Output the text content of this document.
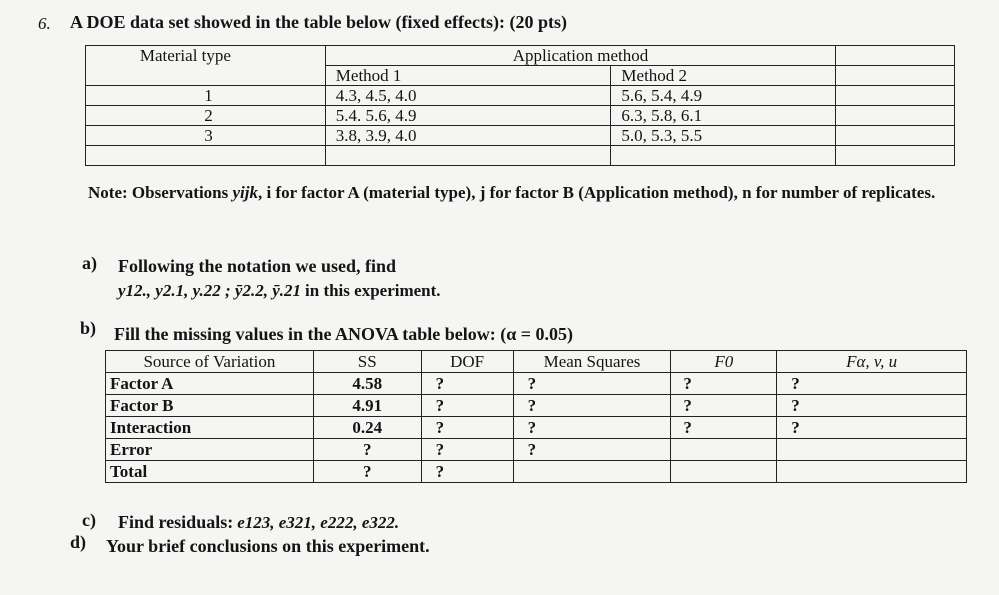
6. A DOE data set showed in the table below (fixed effects): (20 pts)
Material type	Application method		
	Method 1	Method 2	
1	4.3, 4.5, 4.0	5.6, 5.4, 4.9	
2	5.4. 5.6, 4.9	6.3, 5.8, 6.1	
3	3.8, 3.9, 4.0	5.0, 5.3, 5.5	

Note: Observations yijk, i for factor A (material type), j for factor B (Application method), n for number of replicates.
a) Following the notation we used, find
y12., y2.1, y.22 ; ȳ2.2, ȳ.21 in this experiment.
b) Fill the missing values in the ANOVA table below: (α = 0.05)
Source of Variation	SS	DOF	Mean Squares	F0	Fα, v, u
Factor A	4.58	?	?	?	?
Factor B	4.91	?	?	?	?
Interaction	0.24	?	?	?	?
Error	?	?	?		
Total	?	?			
c) Find residuals: e123, e321, e222, e322.
d) Your brief conclusions on this experiment.
